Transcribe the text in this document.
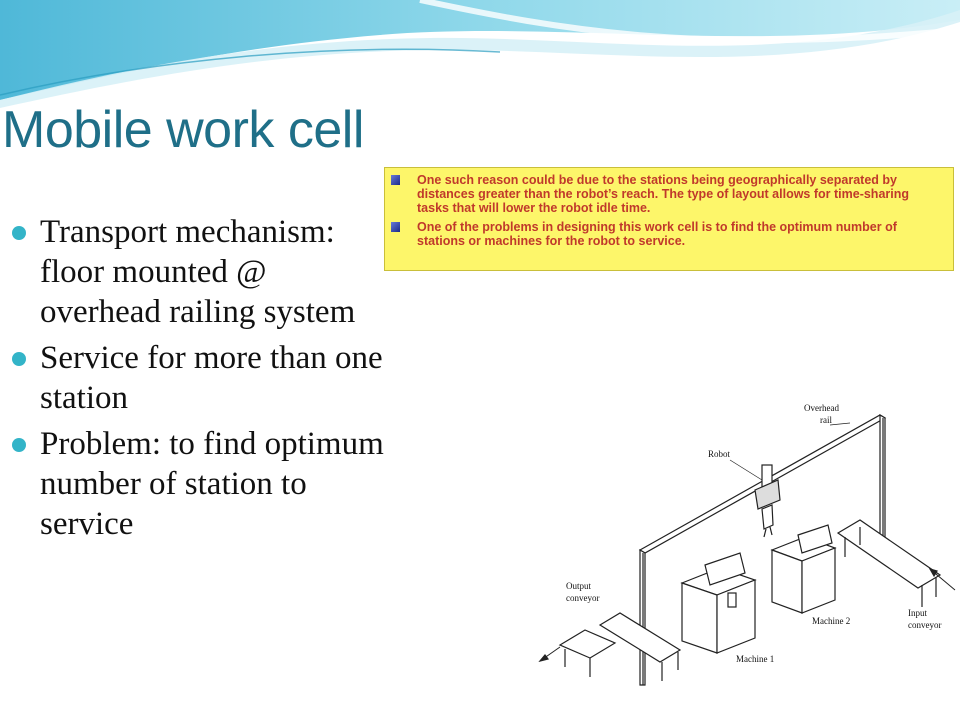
Mobile work cell
Transport mechanism: floor mounted @ overhead railing system
Service for more than one station
Problem: to find optimum number of station to service
One such reason could be due to the stations being geographically separated by distances greater than the robot’s reach. The type of layout allows for time-sharing tasks that will lower the robot idle time.
One of the problems in designing this work cell is to find the optimum number of stations or machines for the robot to service.
Overhead
rail
Robot
Output
conveyor
Machine 1
Machine 2
Input
conveyor
